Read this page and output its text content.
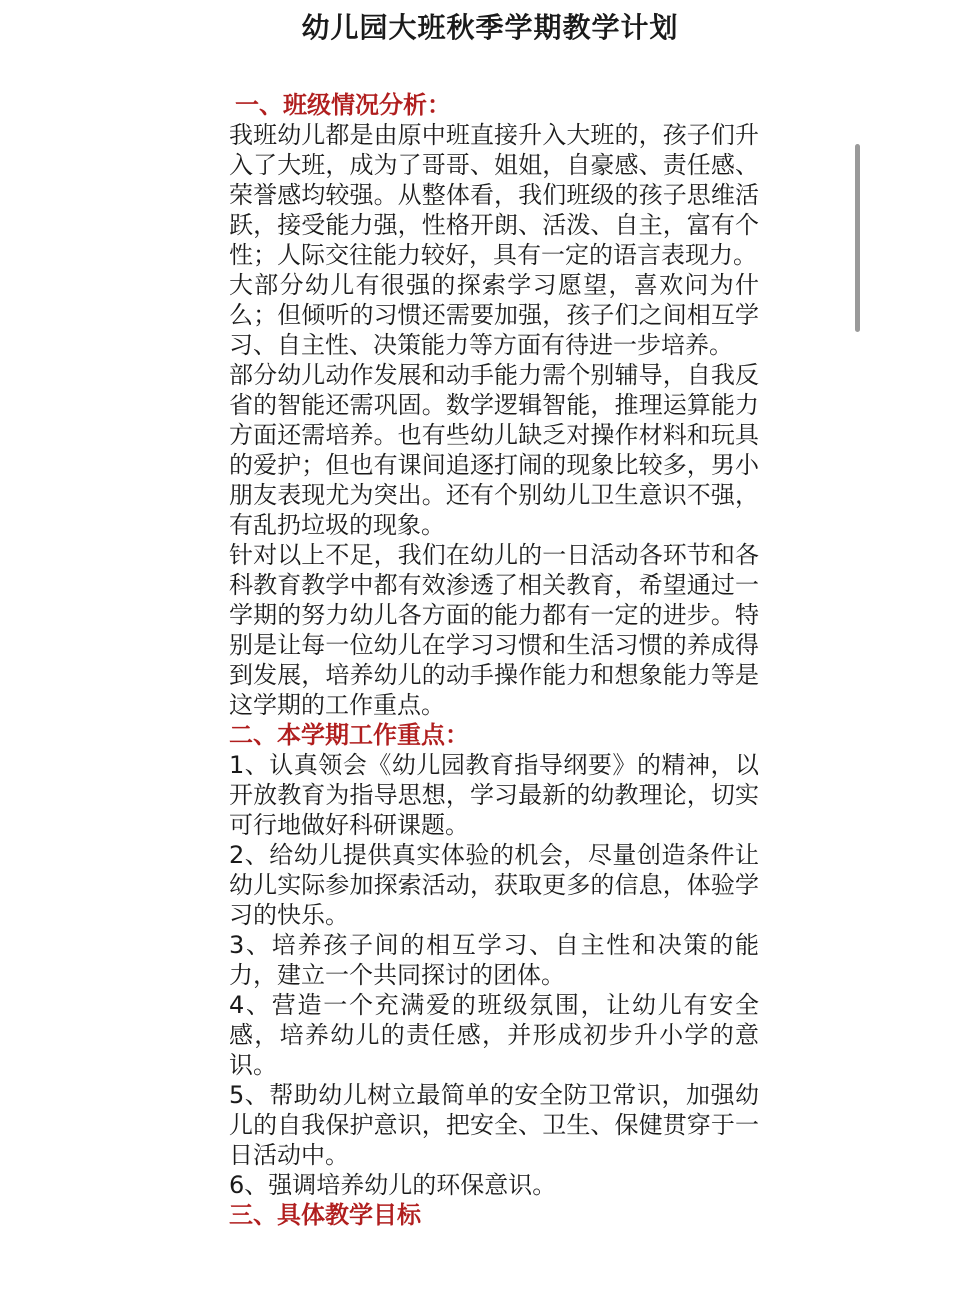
幼儿园大班秋季学期教学计划
一、班级情况分析：

我班幼儿都是由原中班直接升入大班的，孩子们升入了大班，成为了哥哥、姐姐，自豪感、责任感、荣誉感均较强。从整体看，我们班级的孩子思维活跃，接受能力强，性格开朗、活泼、自主，富有个性；人际交往能力较好，具有一定的语言表现力。

大部分幼儿有很强的探索学习愿望，喜欢问为什么；但倾听的习惯还需要加强，孩子们之间相互学习、自主性、决策能力等方面有待进一步培养。

部分幼儿动作发展和动手能力需个别辅导，自我反省的智能还需巩固。数学逻辑智能，推理运算能力方面还需培养。也有些幼儿缺乏对操作材料和玩具的爱护；但也有课间追逐打闹的现象比较多，男小朋友表现尤为突出。还有个别幼儿卫生意识不强，有乱扔垃圾的现象。

针对以上不足，我们在幼儿的一日活动各环节和各科教育教学中都有效渗透了相关教育，希望通过一学期的努力幼儿各方面的能力都有一定的进步。特别是让每一位幼儿在学习习惯和生活习惯的养成得到发展，培养幼儿的动手操作能力和想象能力等是这学期的工作重点。

二、本学期工作重点：

1、认真领会《幼儿园教育指导纲要》的精神，以开放教育为指导思想，学习最新的幼教理论，切实可行地做好科研课题。

2、给幼儿提供真实体验的机会，尽量创造条件让幼儿实际参加探索活动，获取更多的信息，体验学习的快乐。

3、培养孩子间的相互学习、自主性和决策的能力，建立一个共同探讨的团体。

4、营造一个充满爱的班级氛围，让幼儿有安全感，培养幼儿的责任感，并形成初步升小学的意识。

5、帮助幼儿树立最简单的安全防卫常识，加强幼儿的自我保护意识，把安全、卫生、保健贯穿于一日活动中。

6、强调培养幼儿的环保意识。

三、具体教学目标
